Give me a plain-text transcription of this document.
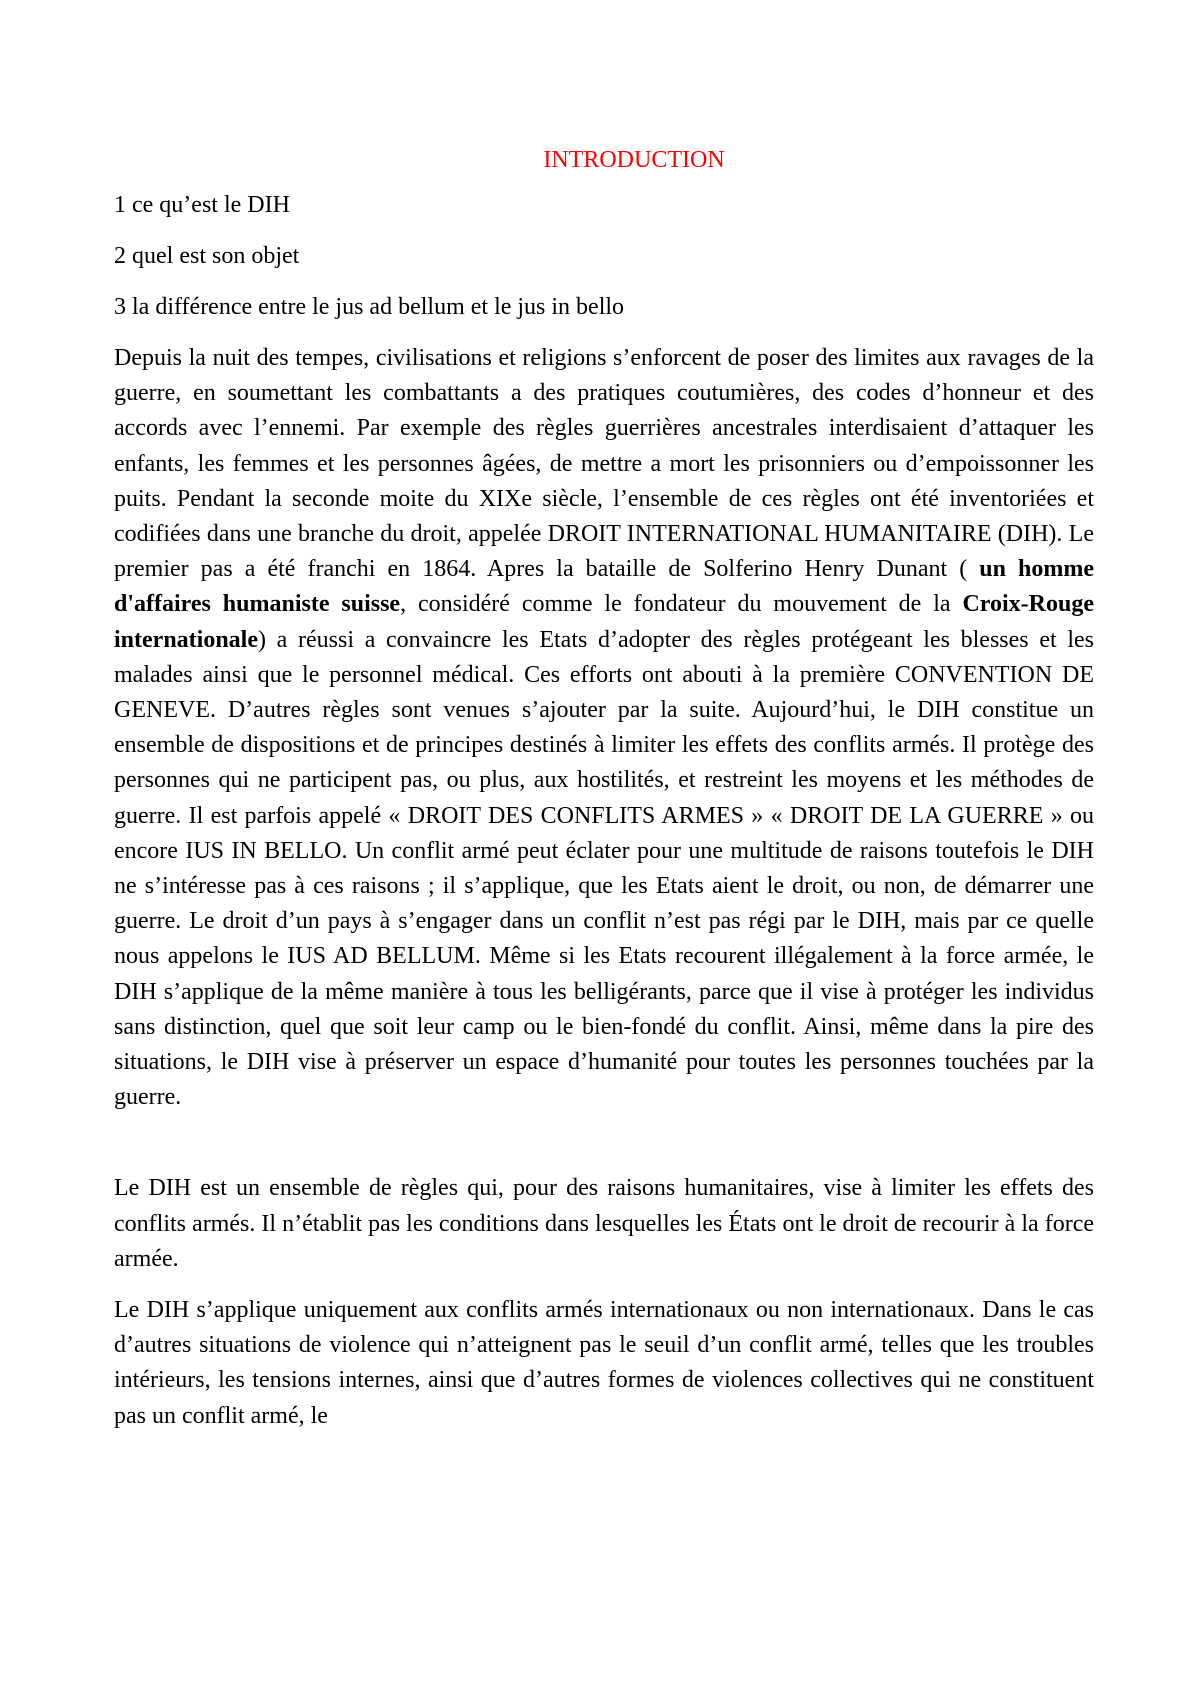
INTRODUCTION

1 ce qu’est le DIH

2 quel est son objet

3 la différence entre le jus ad bellum et le jus in bello

Depuis la nuit des tempes, civilisations et religions s’enforcent de poser des limites aux ravages de la guerre, en soumettant les combattants a des pratiques coutumières, des codes d’honneur et des accords avec l’ennemi. Par exemple des règles guerrières ancestrales interdisaient d’attaquer les enfants, les femmes et les personnes âgées, de mettre a mort les prisonniers ou d’empoissonner les puits. Pendant la seconde moite du XIXe siècle, l’ensemble de ces règles ont été inventoriées et codifiées dans une branche du droit, appelée DROIT INTERNATIONAL HUMANITAIRE (DIH). Le premier pas a été franchi en 1864. Apres la bataille de Solferino Henry Dunant ( un homme d'affaires humaniste suisse, considéré comme le fondateur du mouvement de la Croix-Rouge internationale) a réussi a convaincre les Etats d’adopter des règles protégeant les blesses et les malades ainsi que le personnel médical. Ces efforts ont abouti à la première CONVENTION DE GENEVE. D’autres règles sont venues s’ajouter par la suite. Aujourd’hui, le DIH constitue un ensemble de dispositions et de principes destinés à limiter les effets des conflits armés. Il protège des personnes qui ne participent pas, ou plus, aux hostilités, et restreint les moyens et les méthodes de guerre. Il est parfois appelé « DROIT DES CONFLITS ARMES » « DROIT DE LA GUERRE » ou encore IUS IN BELLO. Un conflit armé peut éclater pour une multitude de raisons toutefois le DIH ne s’intéresse pas à ces raisons ; il s’applique, que les Etats aient le droit, ou non, de démarrer une guerre. Le droit d’un pays à s’engager dans un conflit n’est pas régi par le DIH, mais par ce quelle nous appelons le IUS AD BELLUM. Même si les Etats recourent illégalement à la force armée, le DIH s’applique de la même manière à tous les belligérants, parce que il vise à protéger les individus sans distinction, quel que soit leur camp ou le bien-fondé du conflit. Ainsi, même dans la pire des situations, le DIH vise à préserver un espace d’humanité pour toutes les personnes touchées par la guerre.

Le DIH est un ensemble de règles qui, pour des raisons humanitaires, vise à limiter les effets des conflits armés. Il n’établit pas les conditions dans lesquelles les États ont le droit de recourir à la force armée.

Le DIH s’applique uniquement aux conflits armés internationaux ou non internationaux. Dans le cas d’autres situations de violence qui n’atteignent pas le seuil d’un conflit armé, telles que les troubles intérieurs, les tensions internes, ainsi que d’autres formes de violences collectives qui ne constituent pas un conflit armé, le
